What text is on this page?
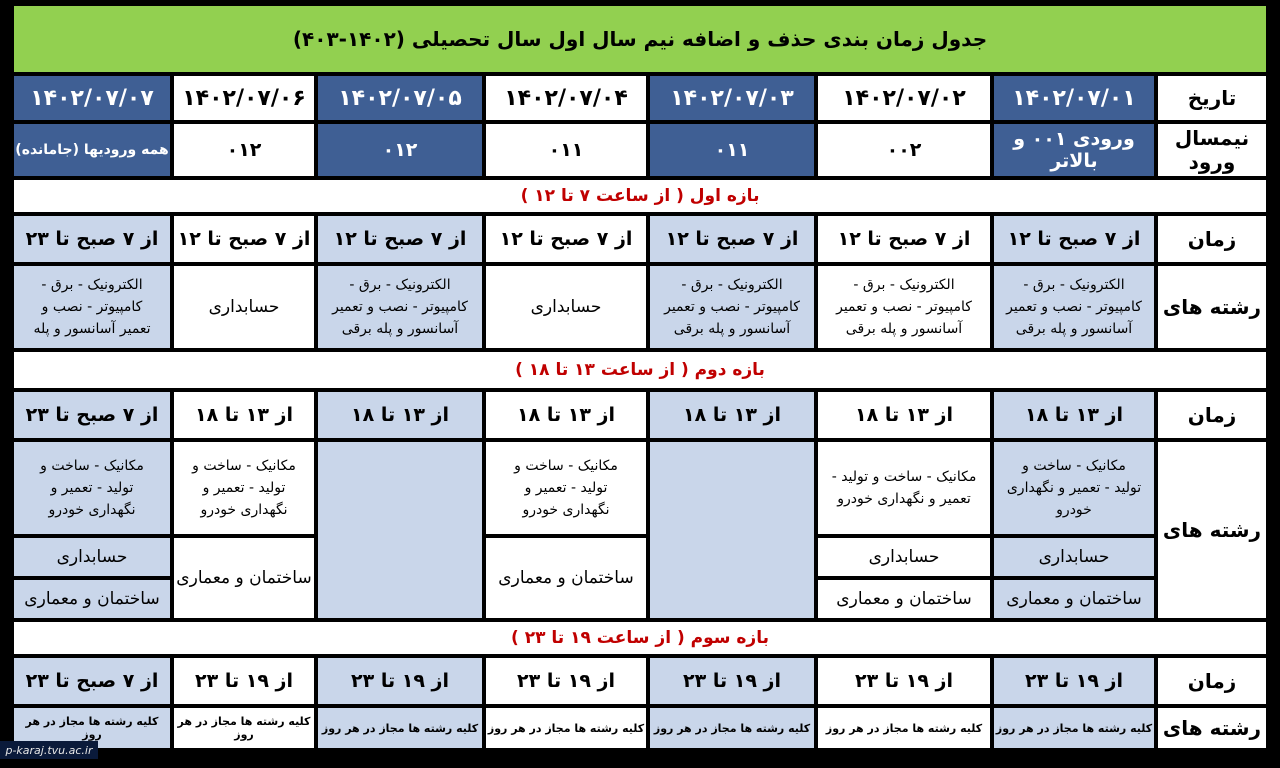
جدول زمان بندی حذف و اضافه نیم سال اول سال تحصیلی (۱۴۰۲-۴۰۳)
تاریخ
۱۴۰۲/۰۷/۰۱
۱۴۰۲/۰۷/۰۲
۱۴۰۲/۰۷/۰۳
۱۴۰۲/۰۷/۰۴
۱۴۰۲/۰۷/۰۵
۱۴۰۲/۰۷/۰۶
۱۴۰۲/۰۷/۰۷
نیمسال ورود
ورودی ۰۰۱ و بالاتر
۰۰۲
۰۱۱
۰۱۱
۰۱۲
۰۱۲
همه ورودیها (جامانده)
بازه اول ( از ساعت ۷ تا ۱۲ )
زمان
از ۷ صبح تا ۱۲
از ۷ صبح تا ۱۲
از ۷ صبح تا ۱۲
از ۷ صبح تا ۱۲
از ۷ صبح تا ۱۲
از ۷ صبح تا ۱۲
از ۷ صبح تا ۲۳
رشته های
الکترونیک - برق -
کامپیوتر - نصب و تعمیر
آسانسور و پله برقی
الکترونیک - برق -
کامپیوتر - نصب و تعمیر
آسانسور و پله برقی
الکترونیک - برق -
کامپیوتر - نصب و تعمیر
آسانسور و پله برقی
حسابداری
الکترونیک - برق -
کامپیوتر - نصب و تعمیر
آسانسور و پله برقی
حسابداری
الکترونیک - برق -
کامپیوتر - نصب و
تعمیر آسانسور و پله
بازه دوم ( از ساعت ۱۳ تا ۱۸ )
زمان
از ۱۳ تا ۱۸
از ۱۳ تا ۱۸
از ۱۳ تا ۱۸
از ۱۳ تا ۱۸
از ۱۳ تا ۱۸
از ۱۳ تا ۱۸
از ۷ صبح تا ۲۳
رشته های
مکانیک - ساخت و
تولید - تعمیر و نگهداری
خودرو
حسابداری
ساختمان و معماری
مکانیک - ساخت و تولید -
تعمیر و نگهداری خودرو
حسابداری
ساختمان و معماری
مکانیک - ساخت و
تولید - تعمیر و
نگهداری خودرو
ساختمان و معماری
مکانیک - ساخت و
تولید - تعمیر و
نگهداری خودرو
ساختمان و معماری
مکانیک - ساخت و
تولید - تعمیر و
نگهداری خودرو
حسابداری
ساختمان و معماری
بازه سوم ( از ساعت ۱۹ تا ۲۳ )
زمان
از ۱۹ تا ۲۳
از ۱۹ تا ۲۳
از ۱۹ تا ۲۳
از ۱۹ تا ۲۳
از ۱۹ تا ۲۳
از ۱۹ تا ۲۳
از ۷ صبح تا ۲۳
رشته های
کلیه رشته ها مجاز در هر روز
کلیه رشته ها مجاز در هر روز
کلیه رشته ها مجاز در هر روز
کلیه رشته ها مجاز در هر روز
کلیه رشته ها مجاز در هر روز
کلیه رشته ها مجاز در هر روز
کلیه رشته ها مجاز در هر روز
p-karaj.tvu.ac.ir
